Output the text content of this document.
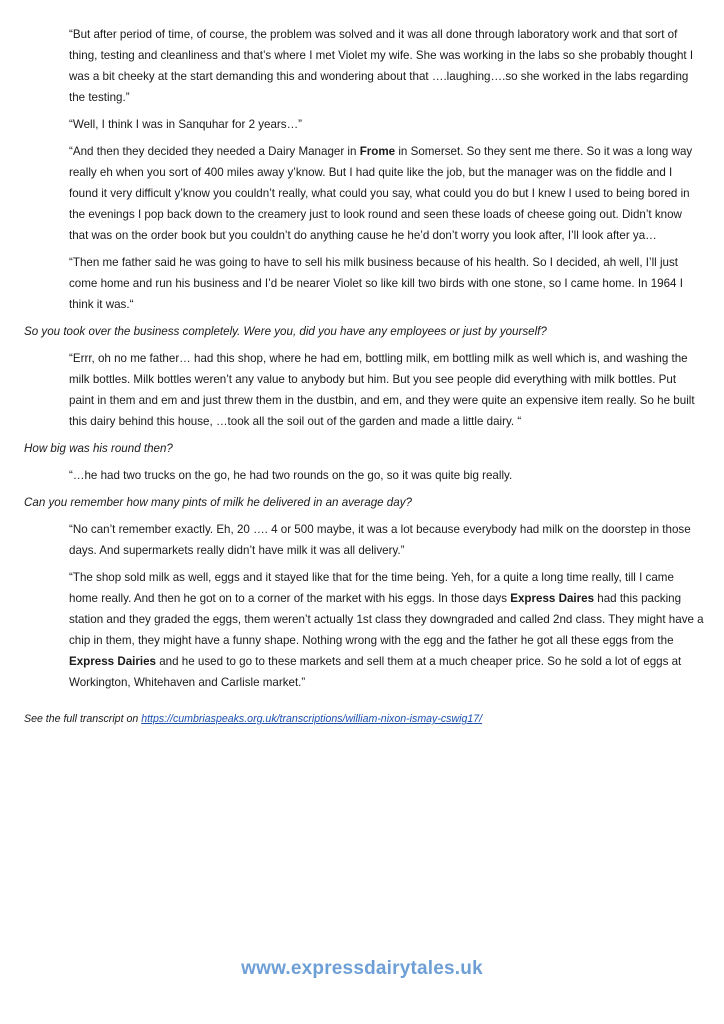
“But after period of time, of course, the problem was solved and it was all done through laboratory work and that sort of thing, testing and cleanliness and that’s where I met Violet my wife. She was working in the labs so she probably thought I was a bit cheeky at the start demanding this and wondering about that ….laughing….so she worked in the labs regarding the testing.”

“Well, I think I was in Sanquhar for 2 years…”

“And then they decided they needed a Dairy Manager in Frome in Somerset. So they sent me there. So it was a long way really eh when you sort of 400 miles away y’know. But I had quite like the job, but the manager was on the fiddle and I found it very difficult y’know you couldn’t really, what could you say, what could you do but I knew I used to being bored in the evenings I pop back down to the creamery just to look round and seen these loads of cheese going out. Didn’t know that was on the order book but you couldn’t do anything cause he he’d don’t worry you look after, I’ll look after ya…

“Then me father said he was going to have to sell his milk business because of his health. So I decided, ah well, I’ll just come home and run his business and I’d be nearer Violet so like kill two birds with one stone, so I came home. In 1964 I think it was.“

So you took over the business completely. Were you, did you have any employees or just by yourself?

“Errr, oh no me father… had this shop, where he had em, bottling milk, em bottling milk as well which is, and washing the milk bottles. Milk bottles weren’t any value to anybody but him. But you see people did everything with milk bottles. Put paint in them and em and just threw them in the dustbin, and em, and they were quite an expensive item really. So he built this dairy behind this house, …took all the soil out of the garden and made a little dairy. “

How big was his round then?

“…he had two trucks on the go, he had two rounds on the go, so it was quite big really.

Can you remember how many pints of milk he delivered in an average day?

“No can’t remember exactly. Eh, 20 …. 4 or 500 maybe, it was a lot because everybody had milk on the doorstep in those days. And supermarkets really didn’t have milk it was all delivery.”

“The shop sold milk as well, eggs and it stayed like that for the time being. Yeh, for a quite a long time really, till I came home really. And then he got on to a corner of the market with his eggs. In those days Express Daires had this packing station and they graded the eggs, them weren’t actually 1st class they downgraded and called 2nd class. They might have a chip in them, they might have a funny shape. Nothing wrong with the egg and the father he got all these eggs from the Express Dairies and he used to go to these markets and sell them at a much cheaper price. So he sold a lot of eggs at Workington, Whitehaven and Carlisle market.”

See the full transcript on https://cumbriaspeaks.org.uk/transcriptions/william-nixon-ismay-cswig17/
www.expressdairytales.uk
